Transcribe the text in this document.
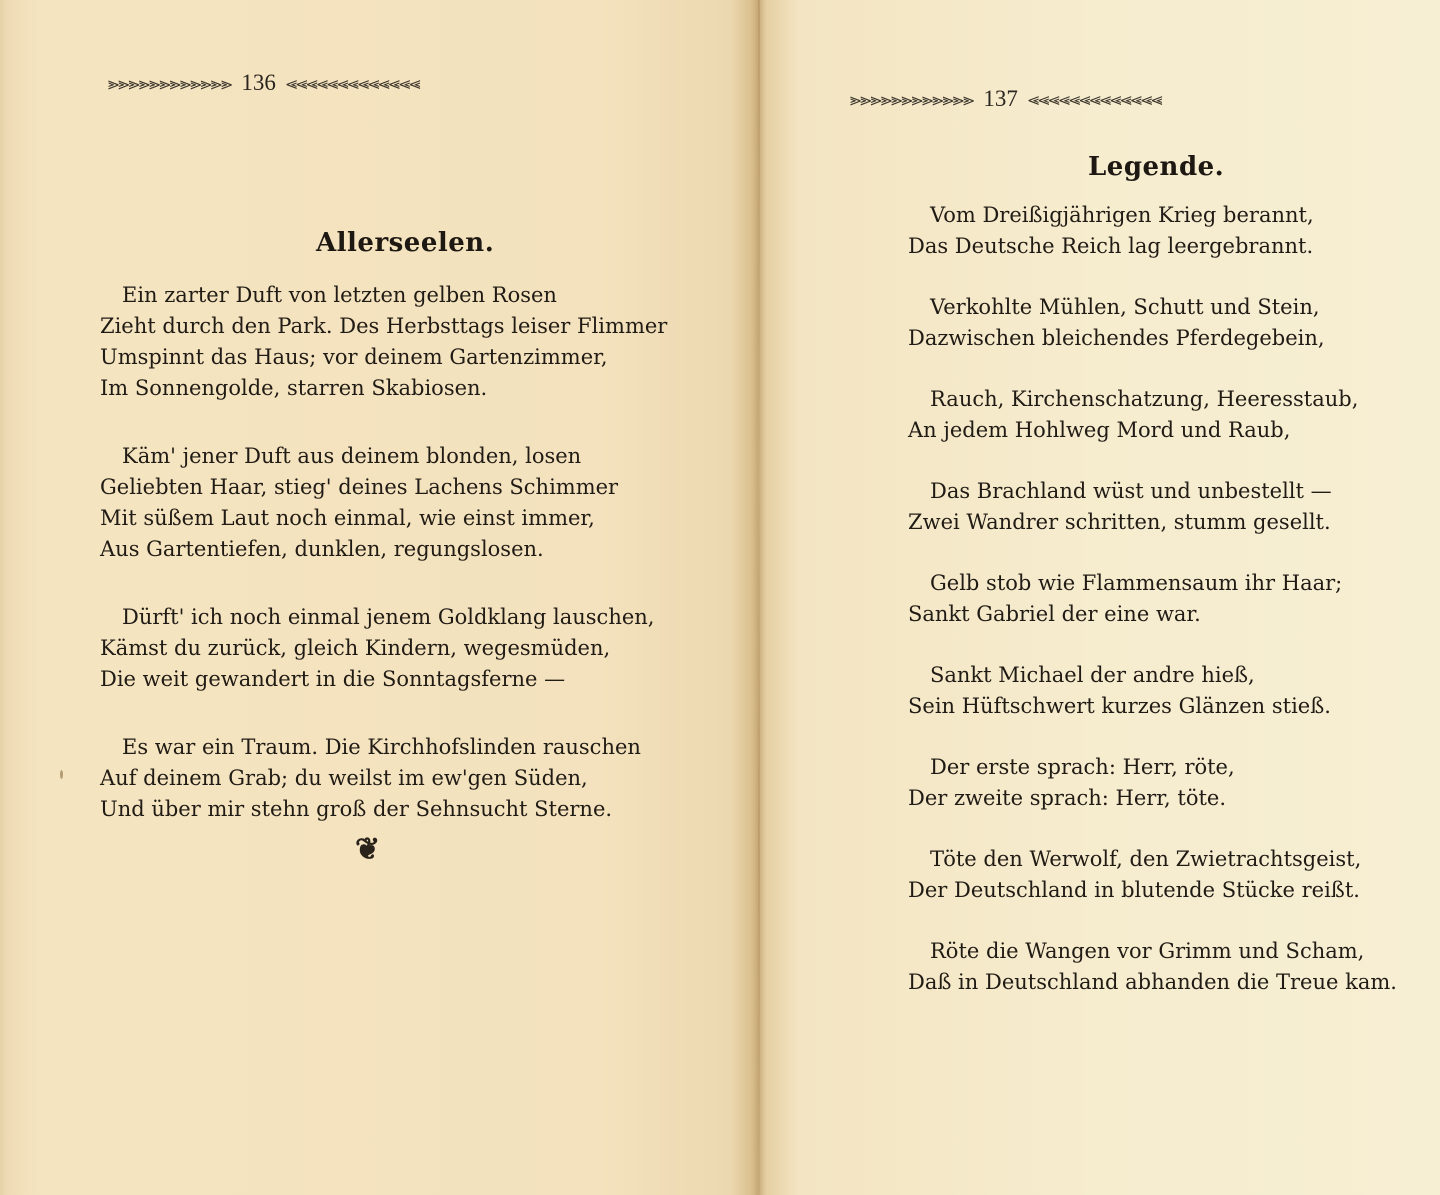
⪢⪢⪢⪢⪢⪢⪢⪢⪢⪢⪢⪢ 136 ⪡⪡⪡⪡⪡⪡⪡⪡⪡⪡⪡⪡⪡
Allerseelen.
Ein zarter Duft von letzten gelben Rosen
Zieht durch den Park. Des Herbsttags leiser Flimmer
Umspinnt das Haus; vor deinem Gartenzimmer,
Im Sonnengolde, starren Skabiosen.
Käm' jener Duft aus deinem blonden, losen
Geliebten Haar, stieg' deines Lachens Schimmer
Mit süßem Laut noch einmal, wie einst immer,
Aus Gartentiefen, dunklen, regungslosen.
Dürft' ich noch einmal jenem Goldklang lauschen,
Kämst du zurück, gleich Kindern, wegesmüden,
Die weit gewandert in die Sonntagsferne —
Es war ein Traum. Die Kirchhofslinden rauschen
Auf deinem Grab; du weilst im ew'gen Süden,
Und über mir stehn groß der Sehnsucht Sterne.
❦
⪢⪢⪢⪢⪢⪢⪢⪢⪢⪢⪢⪢ 137 ⪡⪡⪡⪡⪡⪡⪡⪡⪡⪡⪡⪡⪡
Legende.
Vom Dreißigjährigen Krieg berannt,
Das Deutsche Reich lag leergebrannt.
Verkohlte Mühlen, Schutt und Stein,
Dazwischen bleichendes Pferdegebein,
Rauch, Kirchenschatzung, Heeresstaub,
An jedem Hohlweg Mord und Raub,
Das Brachland wüst und unbestellt —
Zwei Wandrer schritten, stumm gesellt.
Gelb stob wie Flammensaum ihr Haar;
Sankt Gabriel der eine war.
Sankt Michael der andre hieß,
Sein Hüftschwert kurzes Glänzen stieß.
Der erste sprach: Herr, röte,
Der zweite sprach: Herr, töte.
Töte den Werwolf, den Zwietrachtsgeist,
Der Deutschland in blutende Stücke reißt.
Röte die Wangen vor Grimm und Scham,
Daß in Deutschland abhanden die Treue kam.
